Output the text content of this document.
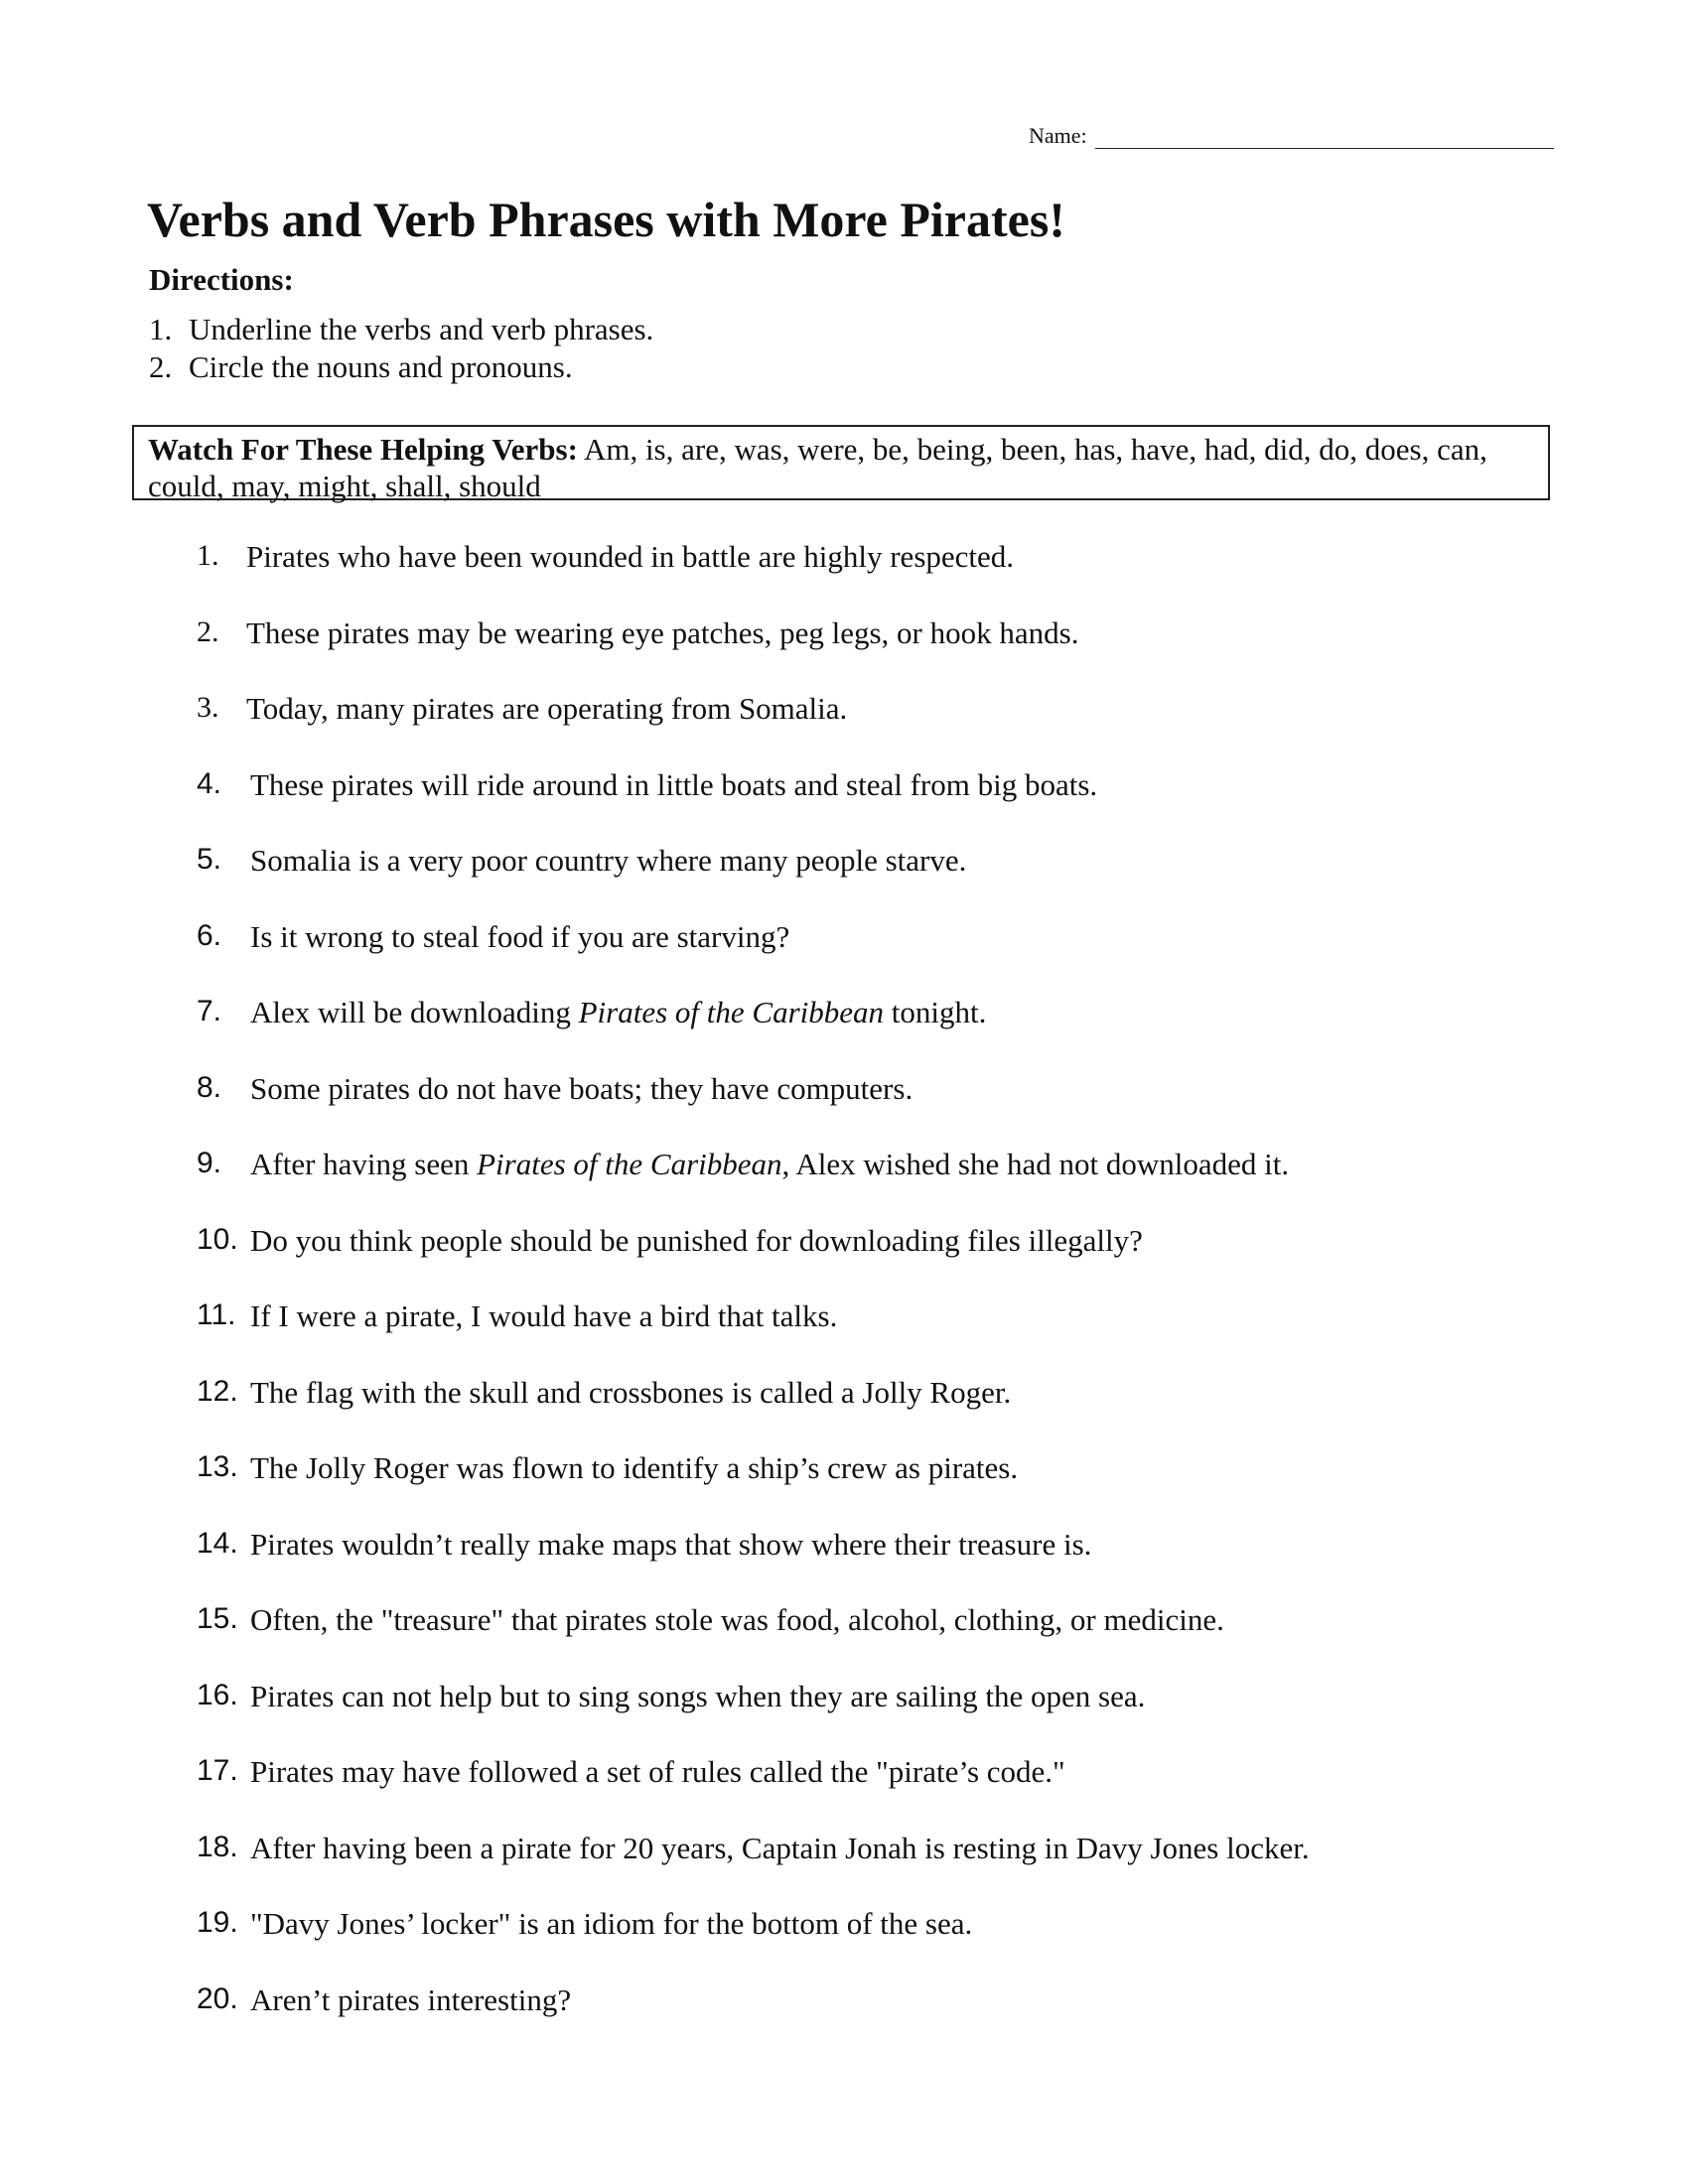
Name:
Verbs and Verb Phrases with More Pirates!
Directions:
1. Underline the verbs and verb phrases.
2. Circle the nouns and pronouns.
Watch For These Helping Verbs: Am, is, are, was, were, be, being, been, has, have, had, did, do, does, can, could, may, might, shall, should
1. Pirates who have been wounded in battle are highly respected.
2. These pirates may be wearing eye patches, peg legs, or hook hands.
3. Today, many pirates are operating from Somalia.
4. These pirates will ride around in little boats and steal from big boats.
5. Somalia is a very poor country where many people starve.
6. Is it wrong to steal food if you are starving?
7. Alex will be downloading Pirates of the Caribbean tonight.
8. Some pirates do not have boats; they have computers.
9. After having seen Pirates of the Caribbean, Alex wished she had not downloaded it.
10. Do you think people should be punished for downloading files illegally?
11. If I were a pirate, I would have a bird that talks.
12. The flag with the skull and crossbones is called a Jolly Roger.
13. The Jolly Roger was flown to identify a ship’s crew as pirates.
14. Pirates wouldn’t really make maps that show where their treasure is.
15. Often, the "treasure" that pirates stole was food, alcohol, clothing, or medicine.
16. Pirates can not help but to sing songs when they are sailing the open sea.
17. Pirates may have followed a set of rules called the "pirate’s code."
18. After having been a pirate for 20 years, Captain Jonah is resting in Davy Jones locker.
19. "Davy Jones’ locker" is an idiom for the bottom of the sea.
20. Aren’t pirates interesting?
